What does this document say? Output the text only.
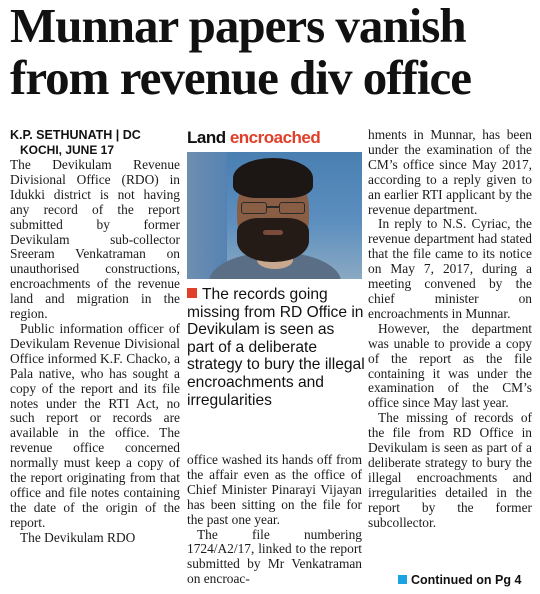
Munnar papers vanish
from revenue div office

K.P. SETHUNATH | DC

KOCHI, JUNE 17

The Devikulam Revenue Divisional Office (RDO) in Idukki district is not having any record of the report submitted by former Devikulam sub-collector Sreeram Venkatraman on unauthorised constructions, encroachments of the revenue land and migration in the region.

Public information officer of Devikulam Revenue Divisional Office informed K.F. Chacko, a Pala native, who has sought a copy of the report and its file notes under the RTI Act, no such report or records are available in the office. The revenue office concerned normally must keep a copy of the report originating from that office and file notes containing the date of the origin of the report.

The Devikulam RDO

Land encroached

The records going missing from RD Office in Devikulam is seen as part of a deliberate strategy to bury the illegal encroachments and irregularities

office washed its hands off from the affair even as the office of Chief Minister Pinarayi Vijayan has been sitting on the file for the past one year.

The file numbering 1724/A2/17, linked to the report submitted by Mr Venkatraman on encroac-

hments in Munnar, has been under the examination of the CM’s office since May 2017, according to a reply given to an earlier RTI applicant by the revenue department.

In reply to N.S. Cyriac, the revenue department had stated that the file came to its notice on May 7, 2017, during a meeting convened by the chief minister on encroachments in Munnar.

However, the department was unable to provide a copy of the report as the file containing it was under the examination of the CM’s office since May last year.

The missing of records of the file from RD Office in Devikulam is seen as part of a deliberate strategy to bury the illegal encroachments and irregularities detailed in the report by the former subcollector.

Continued on Pg 4
